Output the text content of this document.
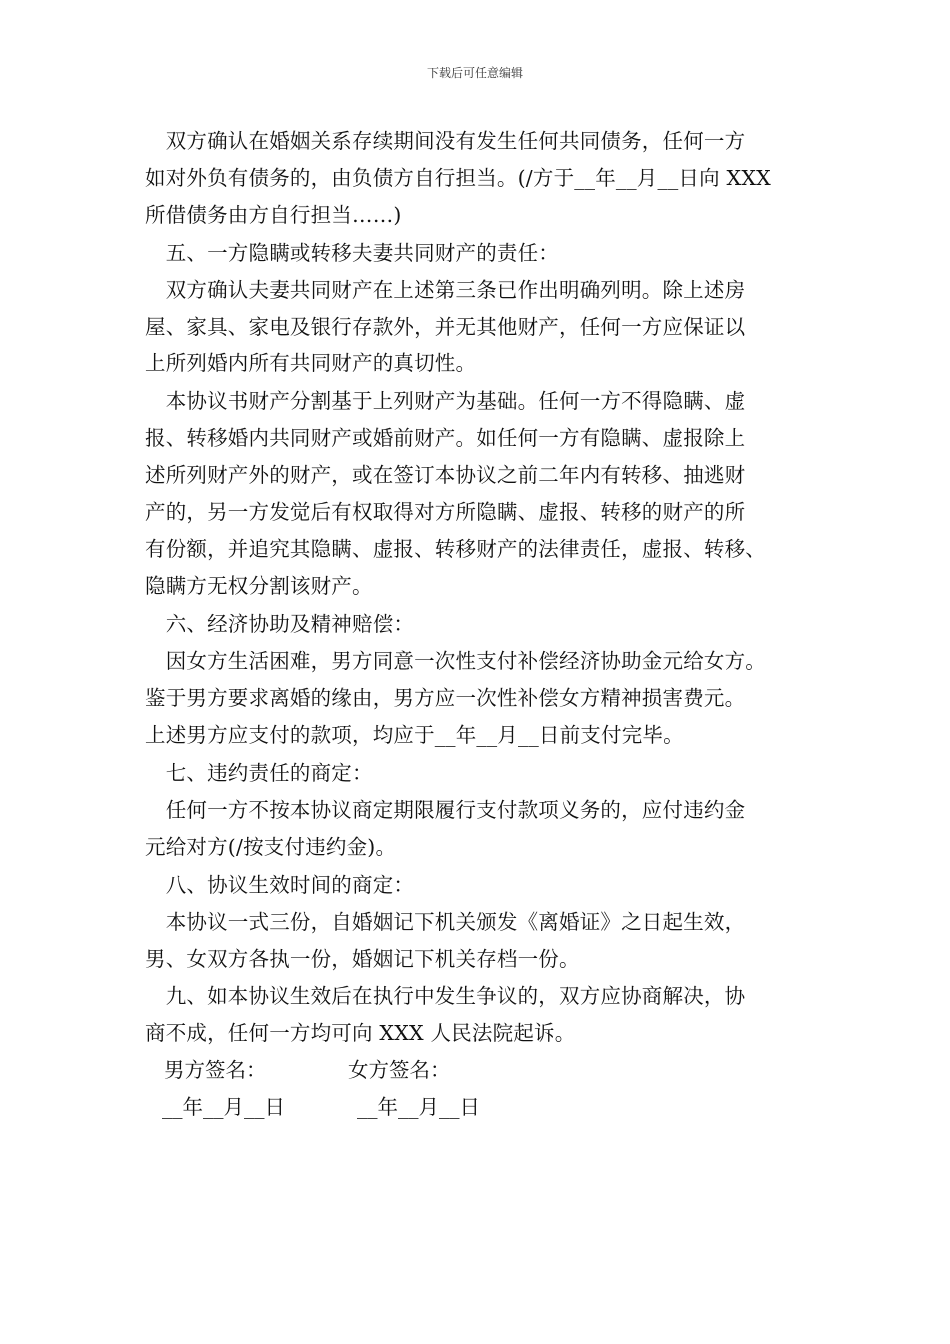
下载后可任意编辑
　双方确认在婚姻关系存续期间没有发生任何共同债务，任何一方
如对外负有债务的，由负债方自行担当。(/方于__年__月__日向 XXX
所借债务由方自行担当……)
　五、一方隐瞒或转移夫妻共同财产的责任：
　双方确认夫妻共同财产在上述第三条已作出明确列明。除上述房
屋、家具、家电及银行存款外，并无其他财产，任何一方应保证以
上所列婚内所有共同财产的真切性。
　本协议书财产分割基于上列财产为基础。任何一方不得隐瞒、虚
报、转移婚内共同财产或婚前财产。如任何一方有隐瞒、虚报除上
述所列财产外的财产，或在签订本协议之前二年内有转移、抽逃财
产的，另一方发觉后有权取得对方所隐瞒、虚报、转移的财产的所
有份额，并追究其隐瞒、虚报、转移财产的法律责任，虚报、转移、
隐瞒方无权分割该财产。
　六、经济协助及精神赔偿：
　因女方生活困难，男方同意一次性支付补偿经济协助金元给女方。
鉴于男方要求离婚的缘由，男方应一次性补偿女方精神损害费元。
上述男方应支付的款项，均应于__年__月__日前支付完毕。
　七、违约责任的商定：
　任何一方不按本协议商定期限履行支付款项义务的，应付违约金
元给对方(/按支付违约金)。
　八、协议生效时间的商定：
　本协议一式三份，自婚姻记下机关颁发《离婚证》之日起生效，
男、女双方各执一份，婚姻记下机关存档一份。
　九、如本协议生效后在执行中发生争议的，双方应协商解决，协
商不成，任何一方均可向 XXX 人民法院起诉。
男方签名：	女方签名：
__年__月__日	__年__月__日
